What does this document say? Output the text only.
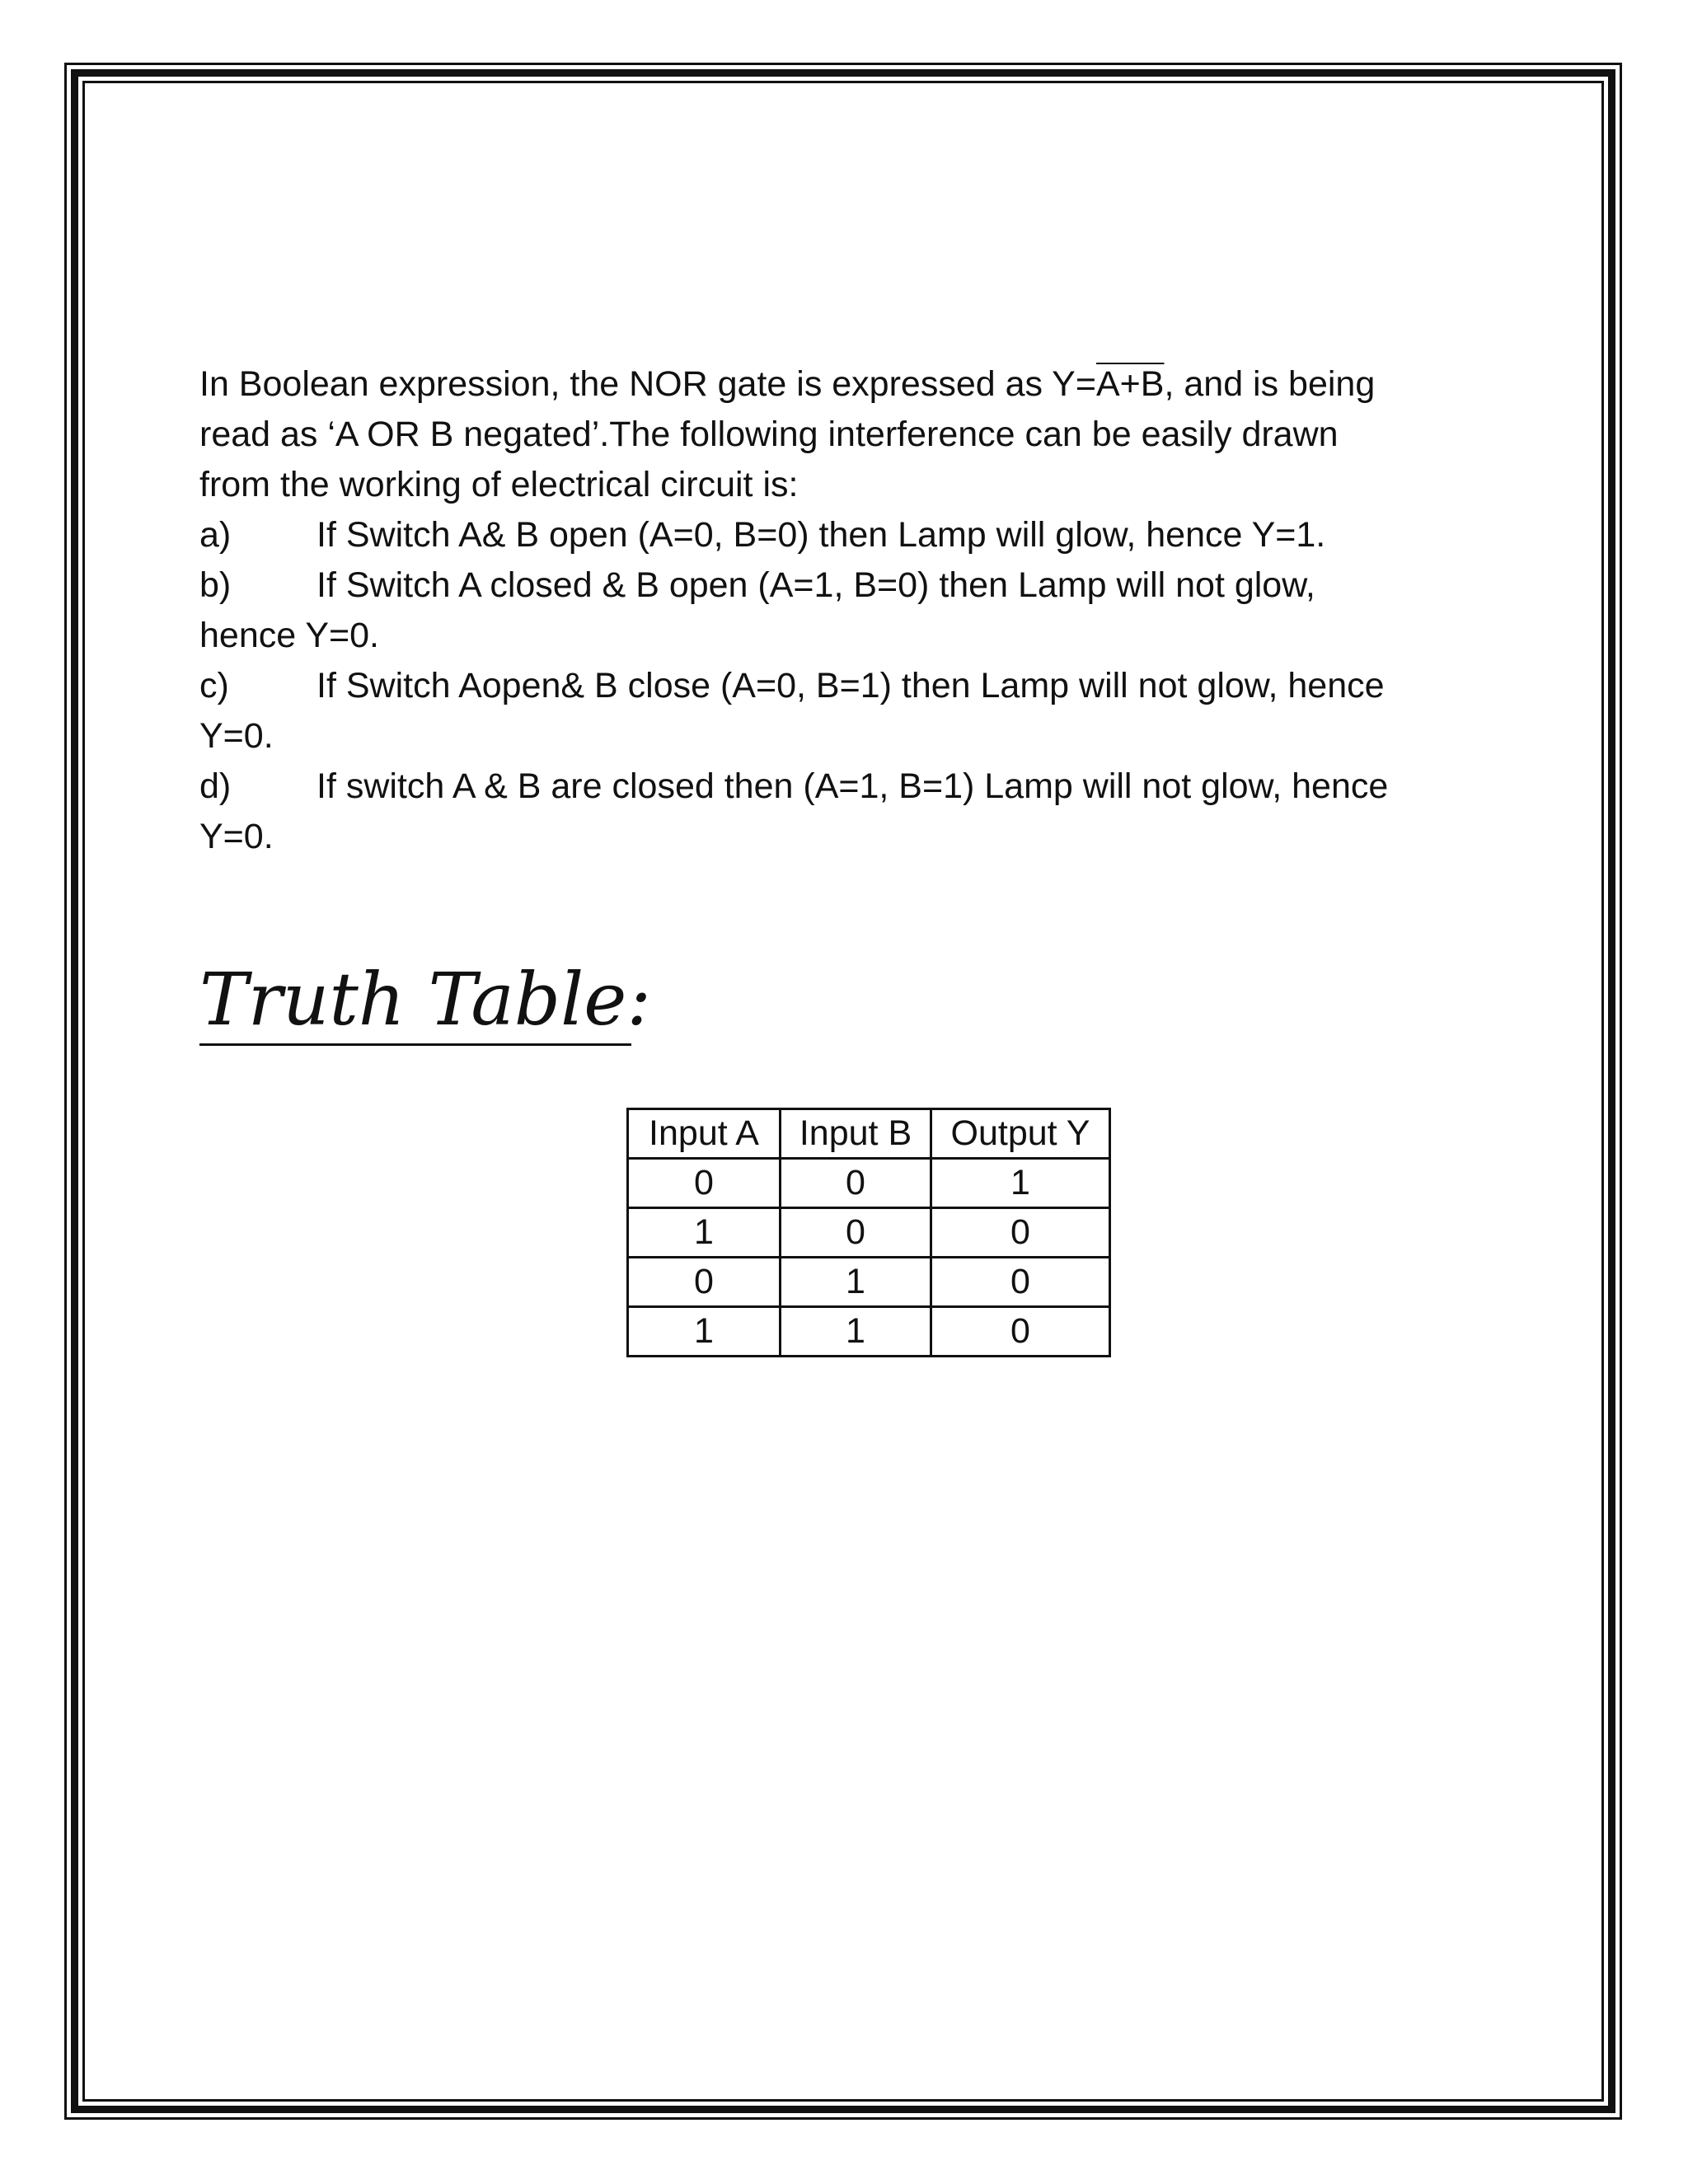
In Boolean expression, the NOR gate is expressed as Y=A+B, and is being
read as ‘A OR B negated’.The following interference can be easily drawn
from the working of electrical circuit is:
a) If Switch A& B open (A=0, B=0) then Lamp will glow, hence Y=1.
b) If Switch A closed & B open (A=1, B=0) then Lamp will not glow,
hence Y=0.
c) If Switch Aopen& B close (A=0, B=1) then Lamp will not glow, hence
Y=0.
d) If switch A & B are closed then (A=1, B=1) Lamp will not glow, hence
Y=0.
Truth Table:
Input A	Input B	Output Y
0	0	1
1	0	0
0	1	0
1	1	0
